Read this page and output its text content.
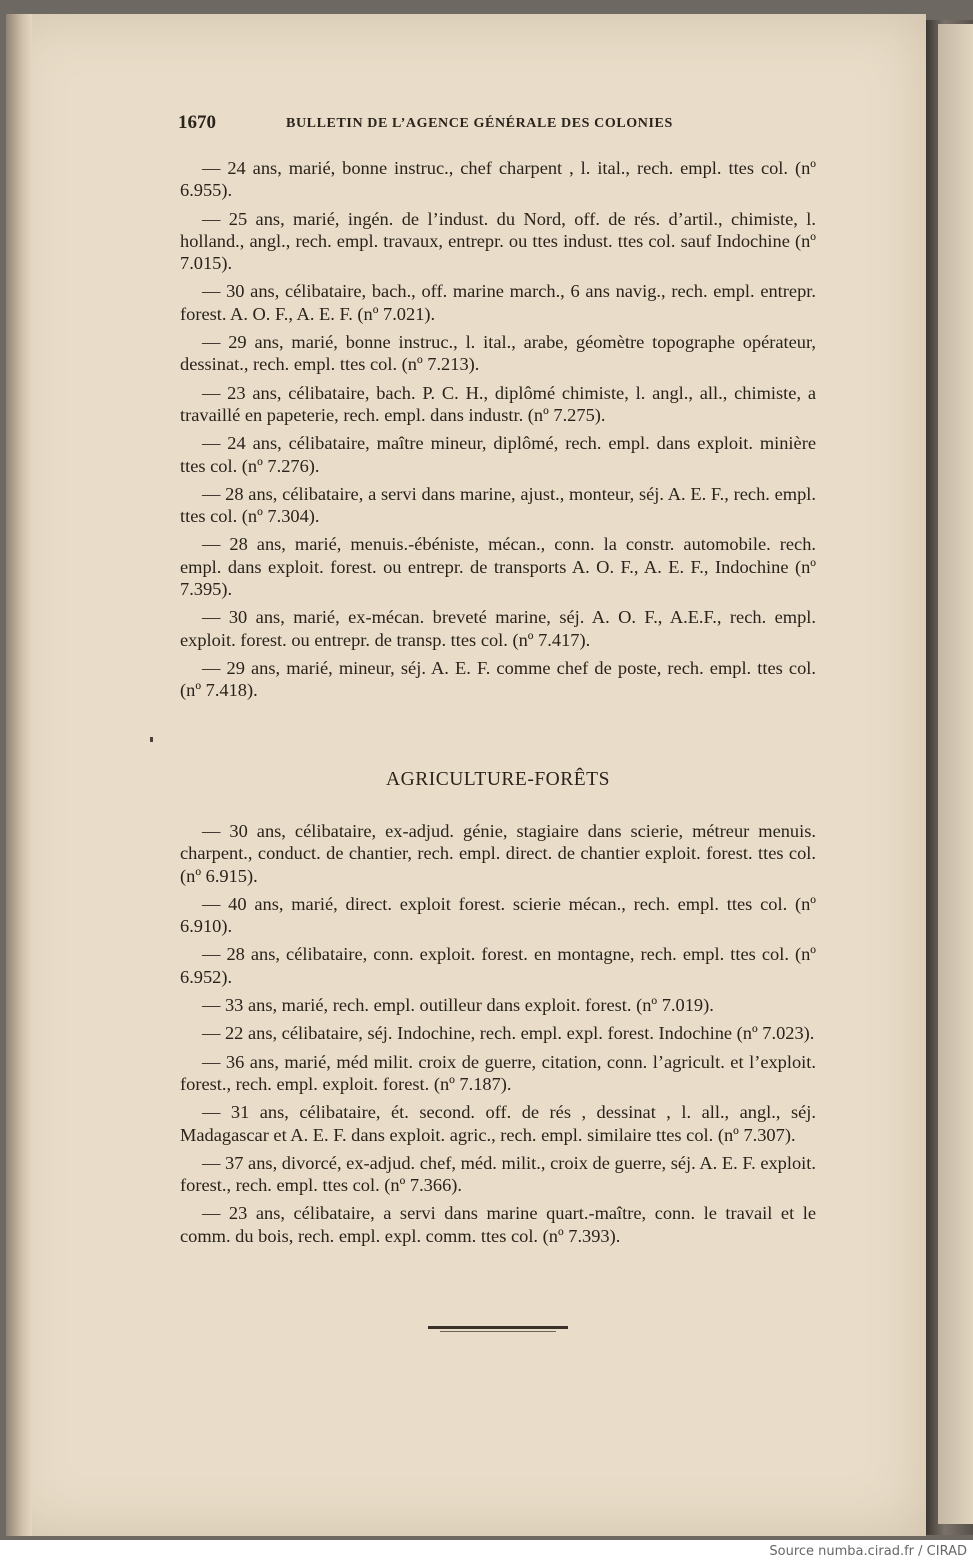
1670	BULLETIN DE L’AGENCE GÉNÉRALE DES COLONIES

— 24 ans, marié, bonne instruc., chef charpent , l. ital., rech. empl. ttes col. (nº 6.955).

— 25 ans, marié, ingén. de l’indust. du Nord, off. de rés. d’artil., chimiste, l. holland., angl., rech. empl. travaux, entrepr. ou ttes indust. ttes col. sauf Indochine (nº 7.015).

— 30 ans, célibataire, bach., off. marine march., 6 ans navig., rech. empl. entrepr. forest. A. O. F., A. E. F. (nº 7.021).

— 29 ans, marié, bonne instruc., l. ital., arabe, géomètre topographe opérateur, dessinat., rech. empl. ttes col. (nº 7.213).

— 23 ans, célibataire, bach. P. C. H., diplômé chimiste, l. angl., all., chimiste, a travaillé en papeterie, rech. empl. dans industr. (nº 7.275).

— 24 ans, célibataire, maître mineur, diplômé, rech. empl. dans exploit. minière ttes col. (nº 7.276).

— 28 ans, célibataire, a servi dans marine, ajust., monteur, séj. A. E. F., rech. empl. ttes col. (nº 7.304).

— 28 ans, marié, menuis.-ébéniste, mécan., conn. la constr. automobile. rech. empl. dans exploit. forest. ou entrepr. de transports A. O. F., A. E. F., Indochine (nº 7.395).

— 30 ans, marié, ex-mécan. breveté marine, séj. A. O. F., A.E.F., rech. empl. exploit. forest. ou entrepr. de transp. ttes col. (nº 7.417).

— 29 ans, marié, mineur, séj. A. E. F. comme chef de poste, rech. empl. ttes col. (nº 7.418).

AGRICULTURE-FORÊTS

— 30 ans, célibataire, ex-adjud. génie, stagiaire dans scierie, métreur menuis. charpent., conduct. de chantier, rech. empl. direct. de chantier exploit. forest. ttes col. (nº 6.915).

— 40 ans, marié, direct. exploit forest. scierie mécan., rech. empl. ttes col. (nº 6.910).

— 28 ans, célibataire, conn. exploit. forest. en montagne, rech. empl. ttes col. (nº 6.952).

— 33 ans, marié, rech. empl. outilleur dans exploit. forest. (nº 7.019).

— 22 ans, célibataire, séj. Indochine, rech. empl. expl. forest. Indochine (nº 7.023).

— 36 ans, marié, méd milit. croix de guerre, citation, conn. l’agricult. et l’exploit. forest., rech. empl. exploit. forest. (nº 7.187).

— 31 ans, célibataire, ét. second. off. de rés , dessinat , l. all., angl., séj. Madagascar et A. E. F. dans exploit. agric., rech. empl. similaire ttes col. (nº 7.307).

— 37 ans, divorcé, ex-adjud. chef, méd. milit., croix de guerre, séj. A. E. F. exploit. forest., rech. empl. ttes col. (nº 7.366).

— 23 ans, célibataire, a servi dans marine quart.-maître, conn. le travail et le comm. du bois, rech. empl. expl. comm. ttes col. (nº 7.393).

Source numba.cirad.fr / CIRAD
